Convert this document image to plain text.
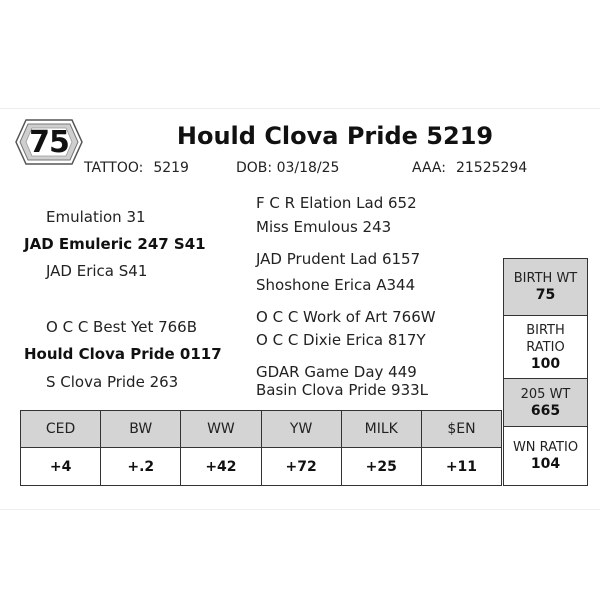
75	Hould Clova Pride 5219
TATTOO: 5219	DOB: 03/18/25	AAA: 21525294
Emulation 31
JAD Emuleric 247 S41
JAD Erica S41
O C C Best Yet 766B
Hould Clova Pride 0117
S Clova Pride 263
F C R Elation Lad 652
Miss Emulous 243
JAD Prudent Lad 6157
Shoshone Erica A344
O C C Work of Art 766W
O C C Dixie Erica 817Y
GDAR Game Day 449
Basin Clova Pride 933L
CED	BW	WW	YW	MILK	$EN
+4	+.2	+42	+72	+25	+11
BIRTH WT
75
BIRTH
RATIO
100
205 WT
665
WN RATIO
104
